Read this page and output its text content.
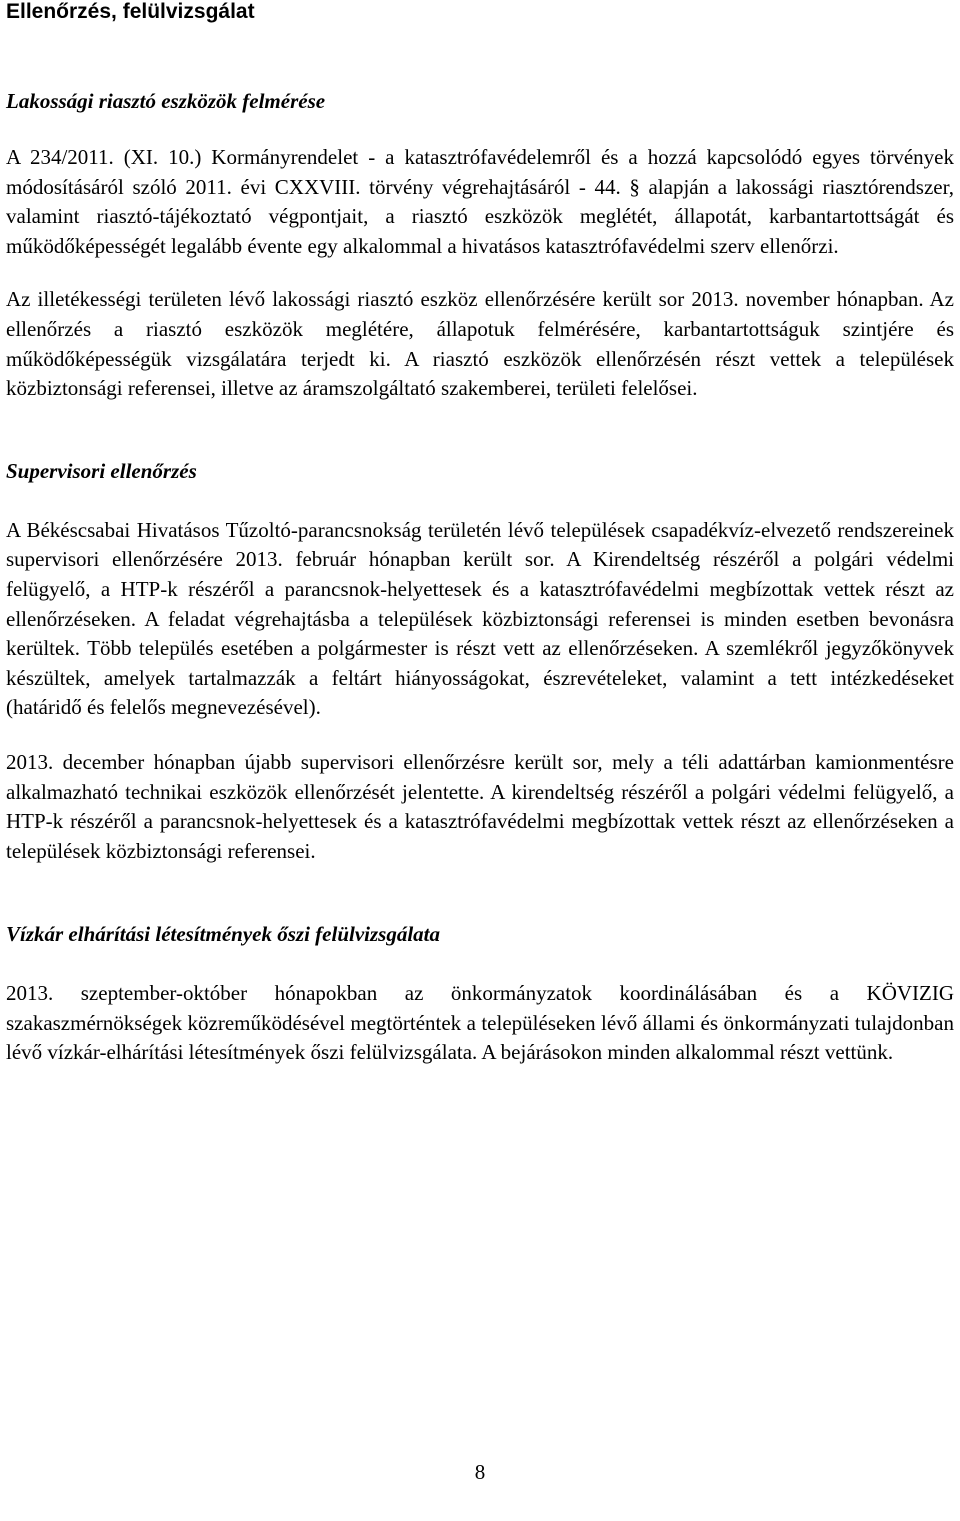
Ellenőrzés, felülvizsgálat
Lakossági riasztó eszközök felmérése

A 234/2011. (XI. 10.) Kormányrendelet - a katasztrófavédelemről és a hozzá kapcsolódó egyes törvények módosításáról szóló 2011. évi CXXVIII. törvény végrehajtásáról - 44. § alapján a lakossági riasztórendszer, valamint riasztó-tájékoztató végpontjait, a riasztó eszközök meglétét, állapotát, karbantartottságát és működőképességét legalább évente egy alkalommal a hivatásos katasztrófavédelmi szerv ellenőrzi.

Az illetékességi területen lévő lakossági riasztó eszköz ellenőrzésére került sor 2013. november hónapban. Az ellenőrzés a riasztó eszközök meglétére, állapotuk felmérésére, karbantartottságuk szintjére és működőképességük vizsgálatára terjedt ki. A riasztó eszközök ellenőrzésén részt vettek a települések közbiztonsági referensei, illetve az áramszolgáltató szakemberei, területi felelősei.

Supervisori ellenőrzés

A Békéscsabai Hivatásos Tűzoltó-parancsnokság területén lévő települések csapadékvíz-elvezető rendszereinek supervisori ellenőrzésére 2013. február hónapban került sor. A Kirendeltség részéről a polgári védelmi felügyelő, a HTP-k részéről a parancsnok-helyettesek és a katasztrófavédelmi megbízottak vettek részt az ellenőrzéseken. A feladat végrehajtásba a települések közbiztonsági referensei is minden esetben bevonásra kerültek. Több település esetében a polgármester is részt vett az ellenőrzéseken. A szemlékről jegyzőkönyvek készültek, amelyek tartalmazzák a feltárt hiányosságokat, észrevételeket, valamint a tett intézkedéseket (határidő és felelős megnevezésével).

2013. december hónapban újabb supervisori ellenőrzésre került sor, mely a téli adattárban kamionmentésre alkalmazható technikai eszközök ellenőrzését jelentette. A kirendeltség részéről a polgári védelmi felügyelő, a HTP-k részéről a parancsnok-helyettesek és a katasztrófavédelmi megbízottak vettek részt az ellenőrzéseken a települések közbiztonsági referensei.

Vízkár elhárítási létesítmények őszi felülvizsgálata

2013. szeptember-október hónapokban az önkormányzatok koordinálásában és a KÖVIZIG szakaszmérnökségek közreműködésével megtörténtek a településeken lévő állami és önkormányzati tulajdonban lévő vízkár-elhárítási létesítmények őszi felülvizsgálata. A bejárásokon minden alkalommal részt vettünk.

8
